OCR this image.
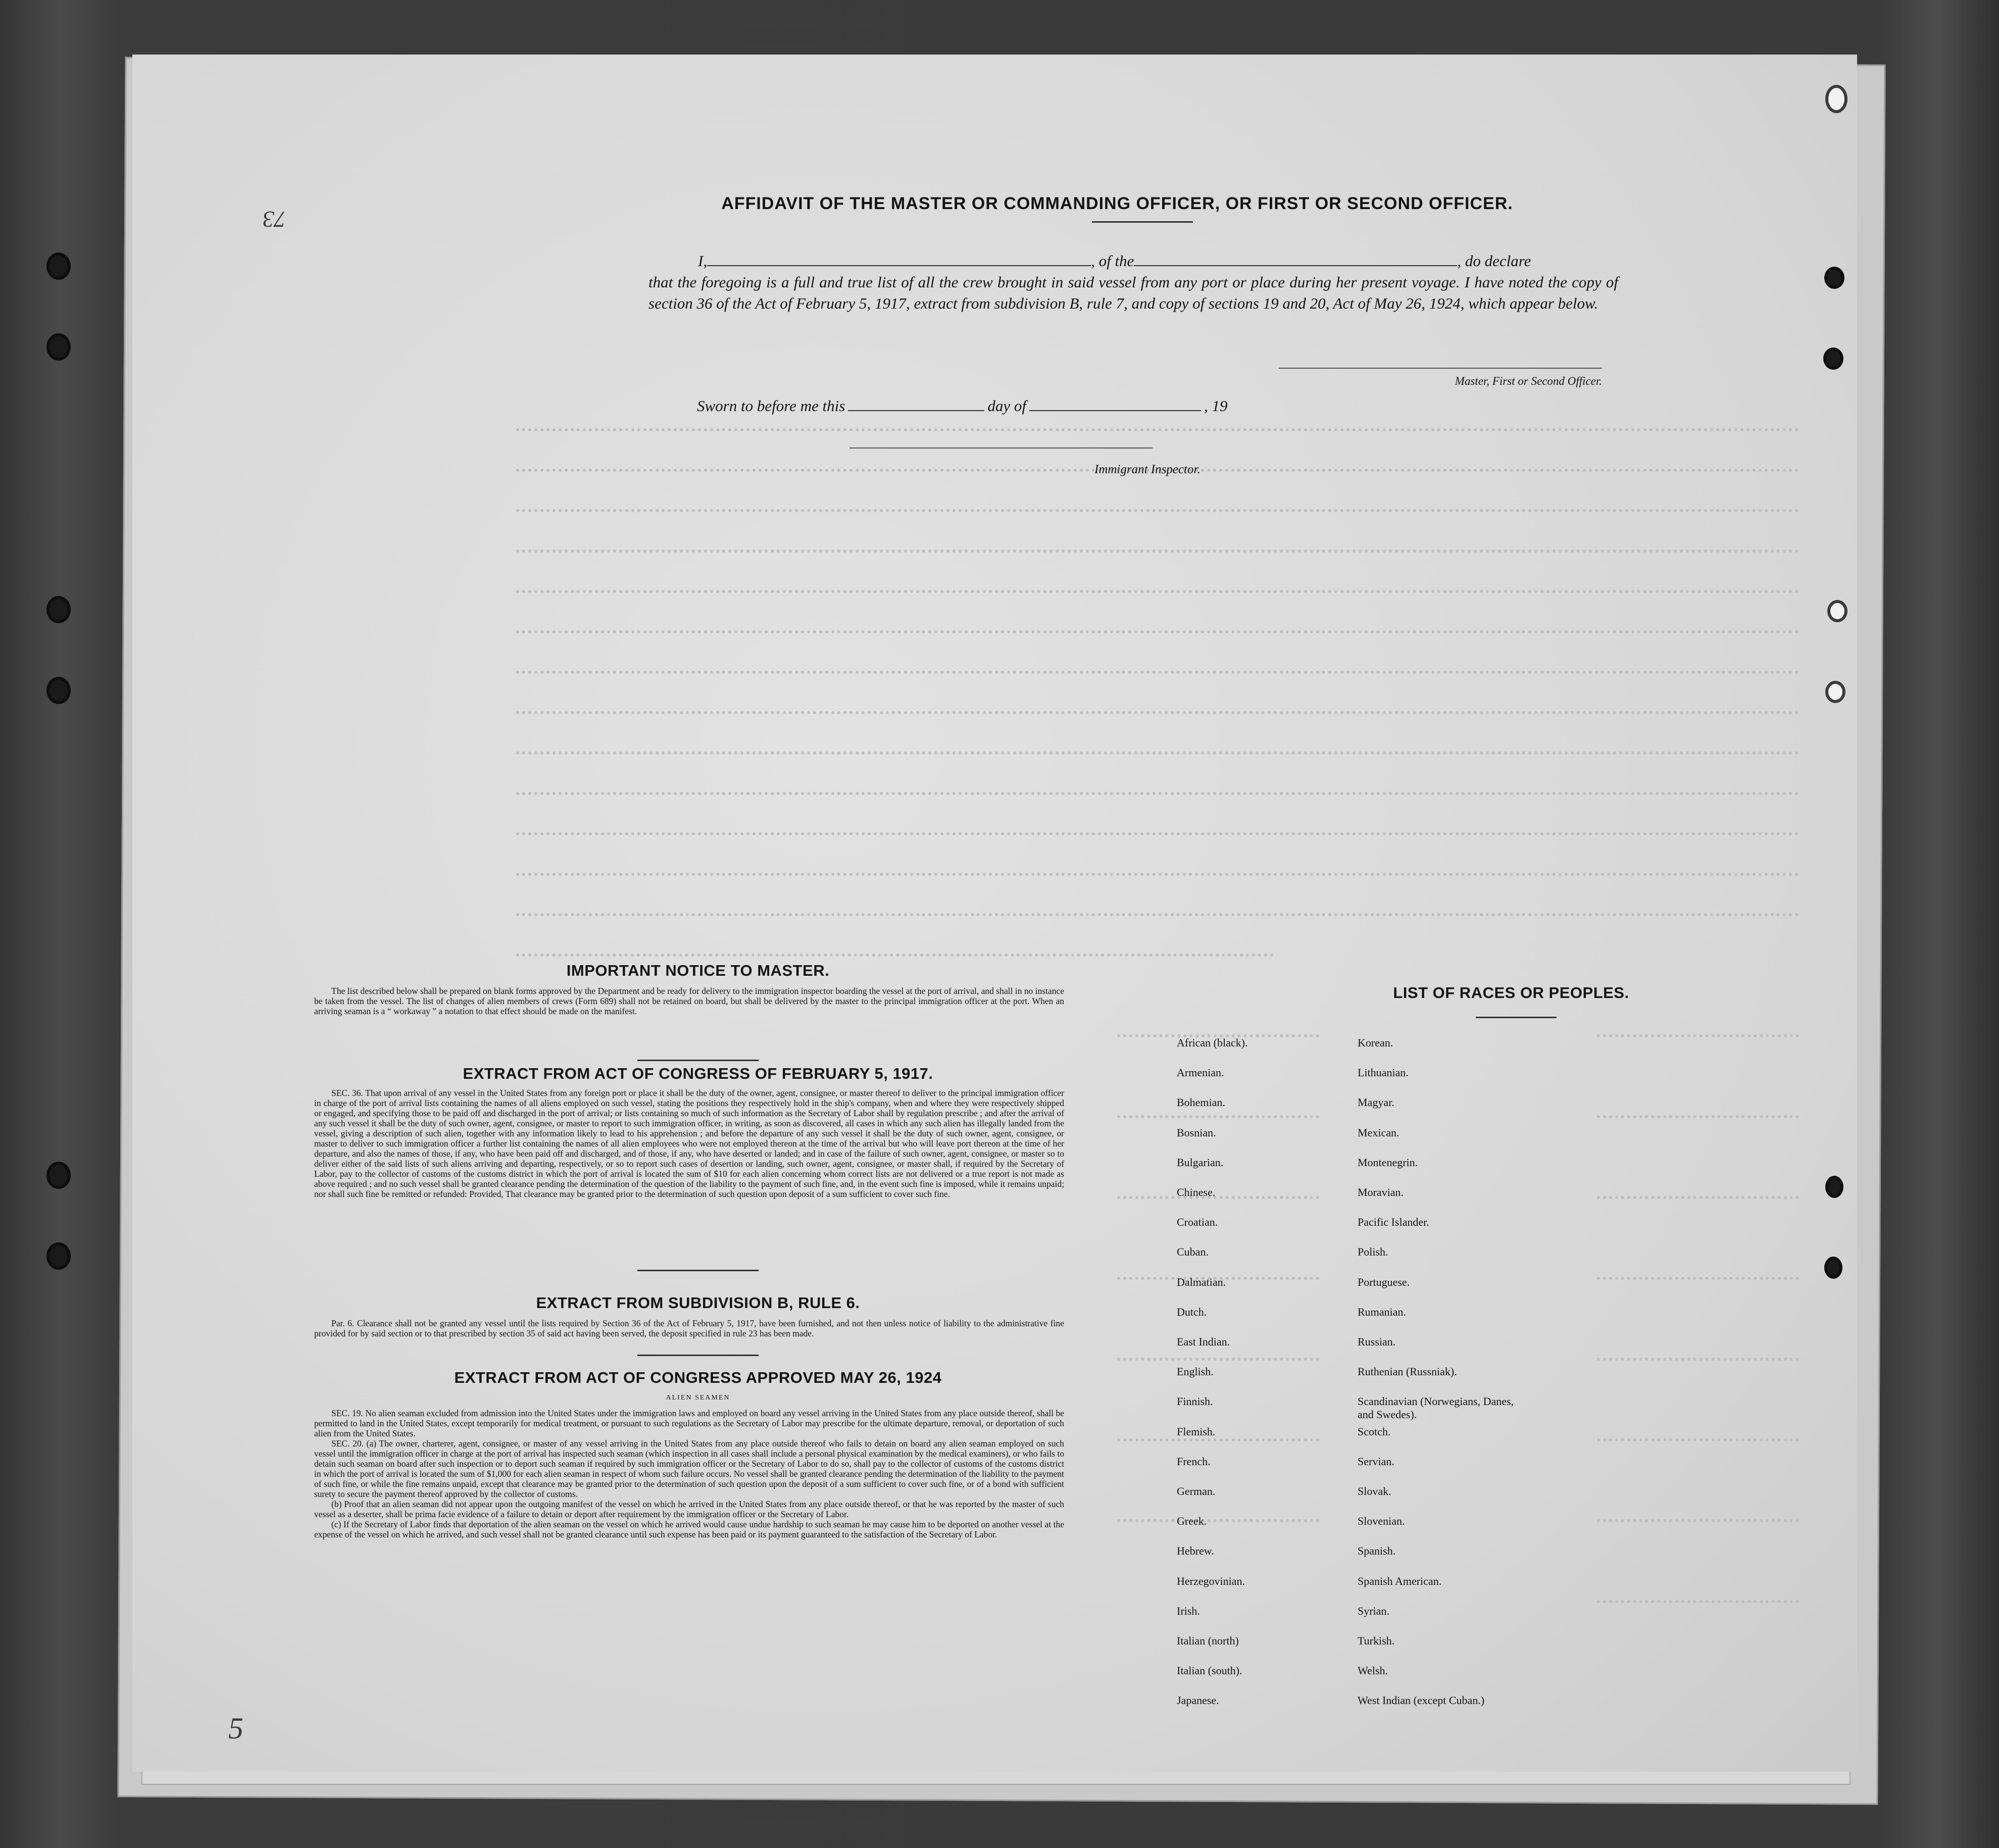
AFFIDAVIT OF THE MASTER OR COMMANDING OFFICER, OR FIRST OR SECOND OFFICER.
I,	, of the	, do declare
that the foregoing is a full and true list of all the crew brought in said vessel from any port or place during her present voyage. I have noted the copy of section 36 of the Act of February 5, 1917, extract from subdivision B, rule 7, and copy of sections 19 and 20, Act of May 26, 1924, which appear below.
Master, First or Second Officer.
Sworn to before me this	day of	, 19
Immigrant Inspector.
IMPORTANT NOTICE TO MASTER.

The list described below shall be prepared on blank forms approved by the Department and be ready for delivery to the immigration inspector boarding the vessel at the port of arrival, and shall in no instance be taken from the vessel. The list of changes of alien members of crews (Form 689) shall not be retained on board, but shall be delivered by the master to the principal immigration officer at the port. When an arriving seaman is a “ workaway ” a notation to that effect should be made on the manifest.

EXTRACT FROM ACT OF CONGRESS OF FEBRUARY 5, 1917.

SEC. 36. That upon arrival of any vessel in the United States from any foreign port or place it shall be the duty of the owner, agent, consignee, or master thereof to deliver to the principal immigration officer in charge of the port of arrival lists containing the names of all aliens employed on such vessel, stating the positions they respectively hold in the ship's company, when and where they were respectively shipped or engaged, and specifying those to be paid off and discharged in the port of arrival; or lists containing so much of such information as the Secretary of Labor shall by regulation prescribe ; and after the arrival of any such vessel it shall be the duty of such owner, agent, consignee, or master to report to such immigration officer, in writing, as soon as discovered, all cases in which any such alien has illegally landed from the vessel, giving a description of such alien, together with any information likely to lead to his apprehension ; and before the departure of any such vessel it shall be the duty of such owner, agent, consignee, or master to deliver to such immigration officer a further list containing the names of all alien employees who were not employed thereon at the time of the arrival but who will leave port thereon at the time of her departure, and also the names of those, if any, who have been paid off and discharged, and of those, if any, who have deserted or landed; and in case of the failure of such owner, agent, consignee, or master so to deliver either of the said lists of such aliens arriving and departing, respectively, or so to report such cases of desertion or landing, such owner, agent, consignee, or master shall, if required by the Secretary of Labor, pay to the collector of customs of the customs district in which the port of arrival is located the sum of $10 for each alien concerning whom correct lists are not delivered or a true report is not made as above required ; and no such vessel shall be granted clearance pending the determination of the question of the liability to the payment of such fine, and, in the event such fine is imposed, while it remains unpaid; nor shall such fine be remitted or refunded: Provided, That clearance may be granted prior to the determination of such question upon deposit of a sum sufficient to cover such fine.

EXTRACT FROM SUBDIVISION B, RULE 6.

Par. 6. Clearance shall not be granted any vessel until the lists required by Section 36 of the Act of February 5, 1917, have been furnished, and not then unless notice of liability to the administrative fine provided for by said section or to that prescribed by section 35 of said act having been served, the deposit specified in rule 23 has been made.

EXTRACT FROM ACT OF CONGRESS APPROVED MAY 26, 1924
ALIEN SEAMEN

SEC. 19. No alien seaman excluded from admission into the United States under the immigration laws and employed on board any vessel arriving in the United States from any place outside thereof, shall be permitted to land in the United States, except temporarily for medical treatment, or pursuant to such regulations as the Secretary of Labor may prescribe for the ultimate departure, removal, or deportation of such alien from the United States.

SEC. 20. (a) The owner, charterer, agent, consignee, or master of any vessel arriving in the United States from any place outside thereof who fails to detain on board any alien seaman employed on such vessel until the immigration officer in charge at the port of arrival has inspected such seaman (which inspection in all cases shall include a personal physical examination by the medical examiners), or who fails to detain such seaman on board after such inspection or to deport such seaman if required by such immigration officer or the Secretary of Labor to do so, shall pay to the collector of customs of the customs district in which the port of arrival is located the sum of $1,000 for each alien seaman in respect of whom such failure occurs. No vessel shall be granted clearance pending the determination of the liability to the payment of such fine, or while the fine remains unpaid, except that clearance may be granted prior to the determination of such question upon the deposit of a sum sufficient to cover such fine, or of a bond with sufficient surety to secure the payment thereof approved by the collector of customs.

(b) Proof that an alien seaman did not appear upon the outgoing manifest of the vessel on which he arrived in the United States from any place outside thereof, or that he was reported by the master of such vessel as a deserter, shall be prima facie evidence of a failure to detain or deport after requirement by the immigration officer or the Secretary of Labor.

(c) If the Secretary of Labor finds that deportation of the alien seaman on the vessel on which he arrived would cause undue hardship to such seaman he may cause him to be deported on another vessel at the expense of the vessel on which he arrived, and such vessel shall not be granted clearance until such expense has been paid or its payment guaranteed to the satisfaction of the Secretary of Labor.

LIST OF RACES OR PEOPLES.
73
5
African (black).
Armenian.
Bohemian.
Bosnian.
Bulgarian.
Chinese.
Croatian.
Cuban.
Dalmatian.
Dutch.
East Indian.
English.
Finnish.
Flemish.
French.
German.
Greek.
Hebrew.
Herzegovinian.
Irish.
Italian (north)
Italian (south).
Japanese.
Korean.
Lithuanian.
Magyar.
Mexican.
Montenegrin.
Moravian.
Pacific Islander.
Polish.
Portuguese.
Rumanian.
Russian.
Ruthenian (Russniak).
Scandinavian (Norwegians, Danes, and Swedes).
Scotch.
Servian.
Slovak.
Slovenian.
Spanish.
Spanish American.
Syrian.
Turkish.
Welsh.
West Indian (except Cuban.)
